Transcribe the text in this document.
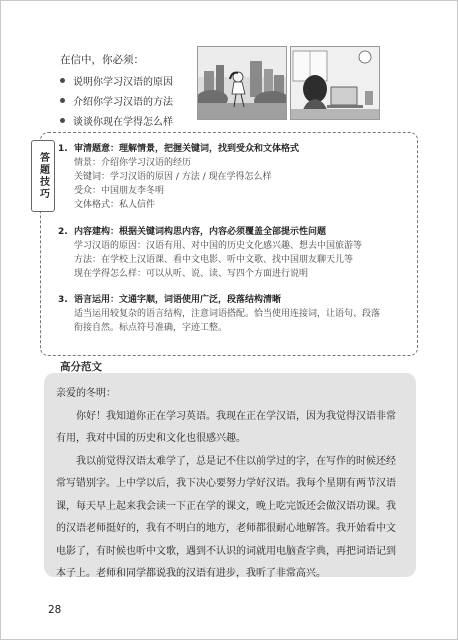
在信中，你必须：
说明你学习汉语的原因
介绍你学习汉语的方法
谈谈你现在学得怎么样
答题技巧
1. 审清题意：理解情景，把握关键词，找到受众和文体格式
情景：介绍你学习汉语的经历
关键词：学习汉语的原因 / 方法 / 现在学得怎么样
受众：中国朋友李冬明
文体格式：私人信件
2. 内容建构：根据关键词构思内容，内容必须覆盖全部提示性问题
学习汉语的原因：汉语有用、对中国的历史文化感兴趣、想去中国旅游等
方法：在学校上汉语课、看中文电影、听中文歌、找中国朋友聊天儿等
现在学得怎么样：可以从听、说、读、写四个方面进行说明
3. 语言运用：文通字顺，词语使用广泛，段落结构清晰
适当运用较复杂的语言结构，注意词语搭配。恰当使用连接词，让语句、段落
衔接自然。标点符号准确，字迹工整。
高分范文
亲爱的冬明：

你好！我知道你正在学习英语。我现在正在学汉语，因为我觉得汉语非常有用，我对中国的历史和文化也很感兴趣。

我以前觉得汉语太难学了，总是记不住以前学过的字，在写作的时候还经常写错别字。上中学以后，我下决心要努力学好汉语。我每个星期有两节汉语课，每天早上起来我会读一下正在学的课文，晚上吃完饭还会做汉语功课。我的汉语老师挺好的，我有不明白的地方，老师都很耐心地解答。我开始看中文电影了，有时候也听中文歌，遇到不认识的词就用电脑查字典，再把词语记到本子上。老师和同学都说我的汉语有进步，我听了非常高兴。

28
